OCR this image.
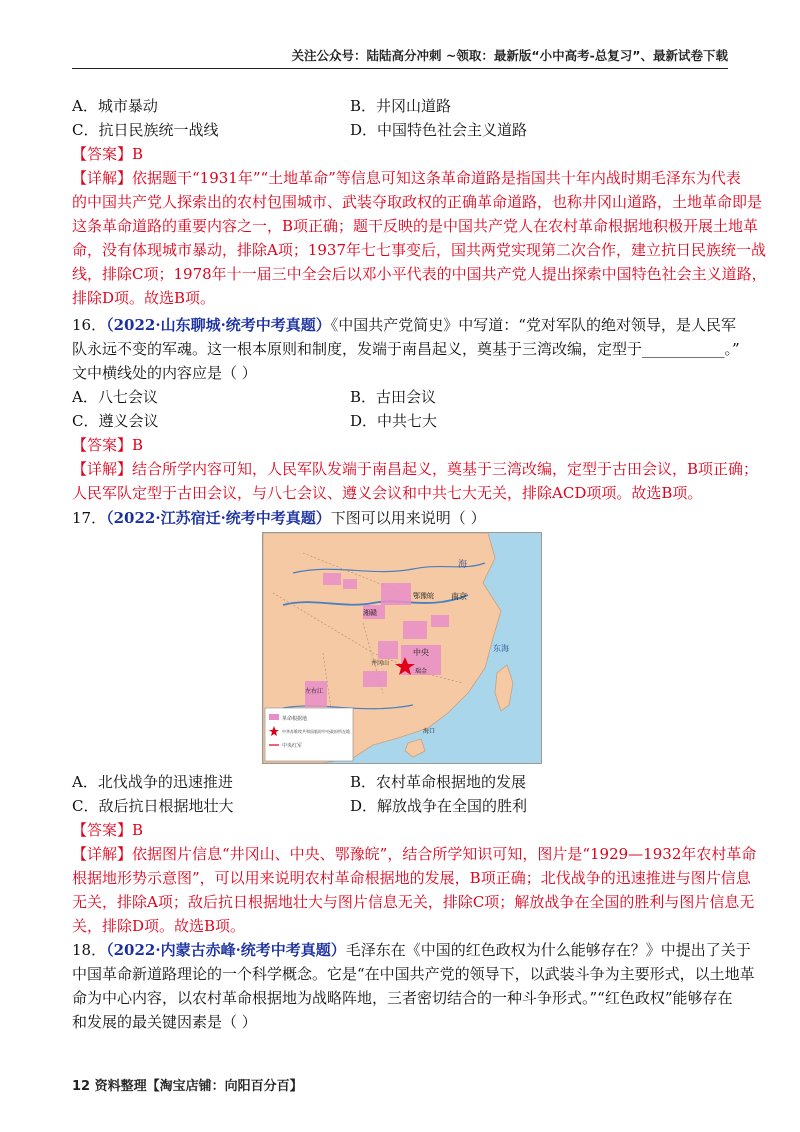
关注公众号：陆陆高分冲刺 ~领取：最新版“小中高考-总复习”、最新试卷下载
A．城市暴动	B．井冈山道路
C．抗日民族统一战线	D．中国特色社会主义道路
【答案】B
【详解】依据题干“1931年”“土地革命”等信息可知这条革命道路是指国共十年内战时期毛泽东为代表
的中国共产党人探索出的农村包围城市、武装夺取政权的正确革命道路，也称井冈山道路，土地革命即是
这条革命道路的重要内容之一，B项正确；题干反映的是中国共产党人在农村革命根据地积极开展土地革
命，没有体现城市暴动，排除A项；1937年七七事变后，国共两党实现第二次合作，建立抗日民族统一战
线，排除C项；1978年十一届三中全会后以邓小平代表的中国共产党人提出探索中国特色社会主义道路，
排除D项。故选B项。
16．（2022·山东聊城·统考中考真题）《中国共产党简史》中写道：“党对军队的绝对领导，是人民军
队永远不变的军魂。这一根本原则和制度，发端于南昌起义，奠基于三湾改编，定型于___________。”
文中横线处的内容应是（ ）
A．八七会议	B．古田会议
C．遵义会议	D．中共七大
【答案】B
【详解】结合所学内容可知，人民军队发端于南昌起义，奠基于三湾改编，定型于古田会议，B项正确；
人民军队定型于古田会议，与八七会议、遵义会议和中共七大无关，排除ACD项项。故选B项。
17．（2022·江苏宿迁·统考中考真题）下图可以用来说明（ ）
海
南京
鄂豫皖
湘赣
中央
井冈山
瑞金
左右江
海口
东海
革命根据地
中华苏维埃共和国临时中央政府所在地
中央红军
A．北伐战争的迅速推进	B．农村革命根据地的发展
C．敌后抗日根据地壮大	D．解放战争在全国的胜利
【答案】B
【详解】依据图片信息“井冈山、中央、鄂豫皖”，结合所学知识可知，图片是“1929—1932年农村革命
根据地形势示意图”，可以用来说明农村革命根据地的发展，B项正确；北伐战争的迅速推进与图片信息
无关，排除A项；敌后抗日根据地壮大与图片信息无关，排除C项；解放战争在全国的胜利与图片信息无
关，排除D项。故选B项。
18．（2022·内蒙古赤峰·统考中考真题）毛泽东在《中国的红色政权为什么能够存在？》中提出了关于
中国革命新道路理论的一个科学概念。它是“在中国共产党的领导下，以武装斗争为主要形式，以土地革
命为中心内容，以农村革命根据地为战略阵地，三者密切结合的一种斗争形式。”“红色政权”能够存在
和发展的最关键因素是（ ）
12 资料整理【淘宝店铺：向阳百分百】
